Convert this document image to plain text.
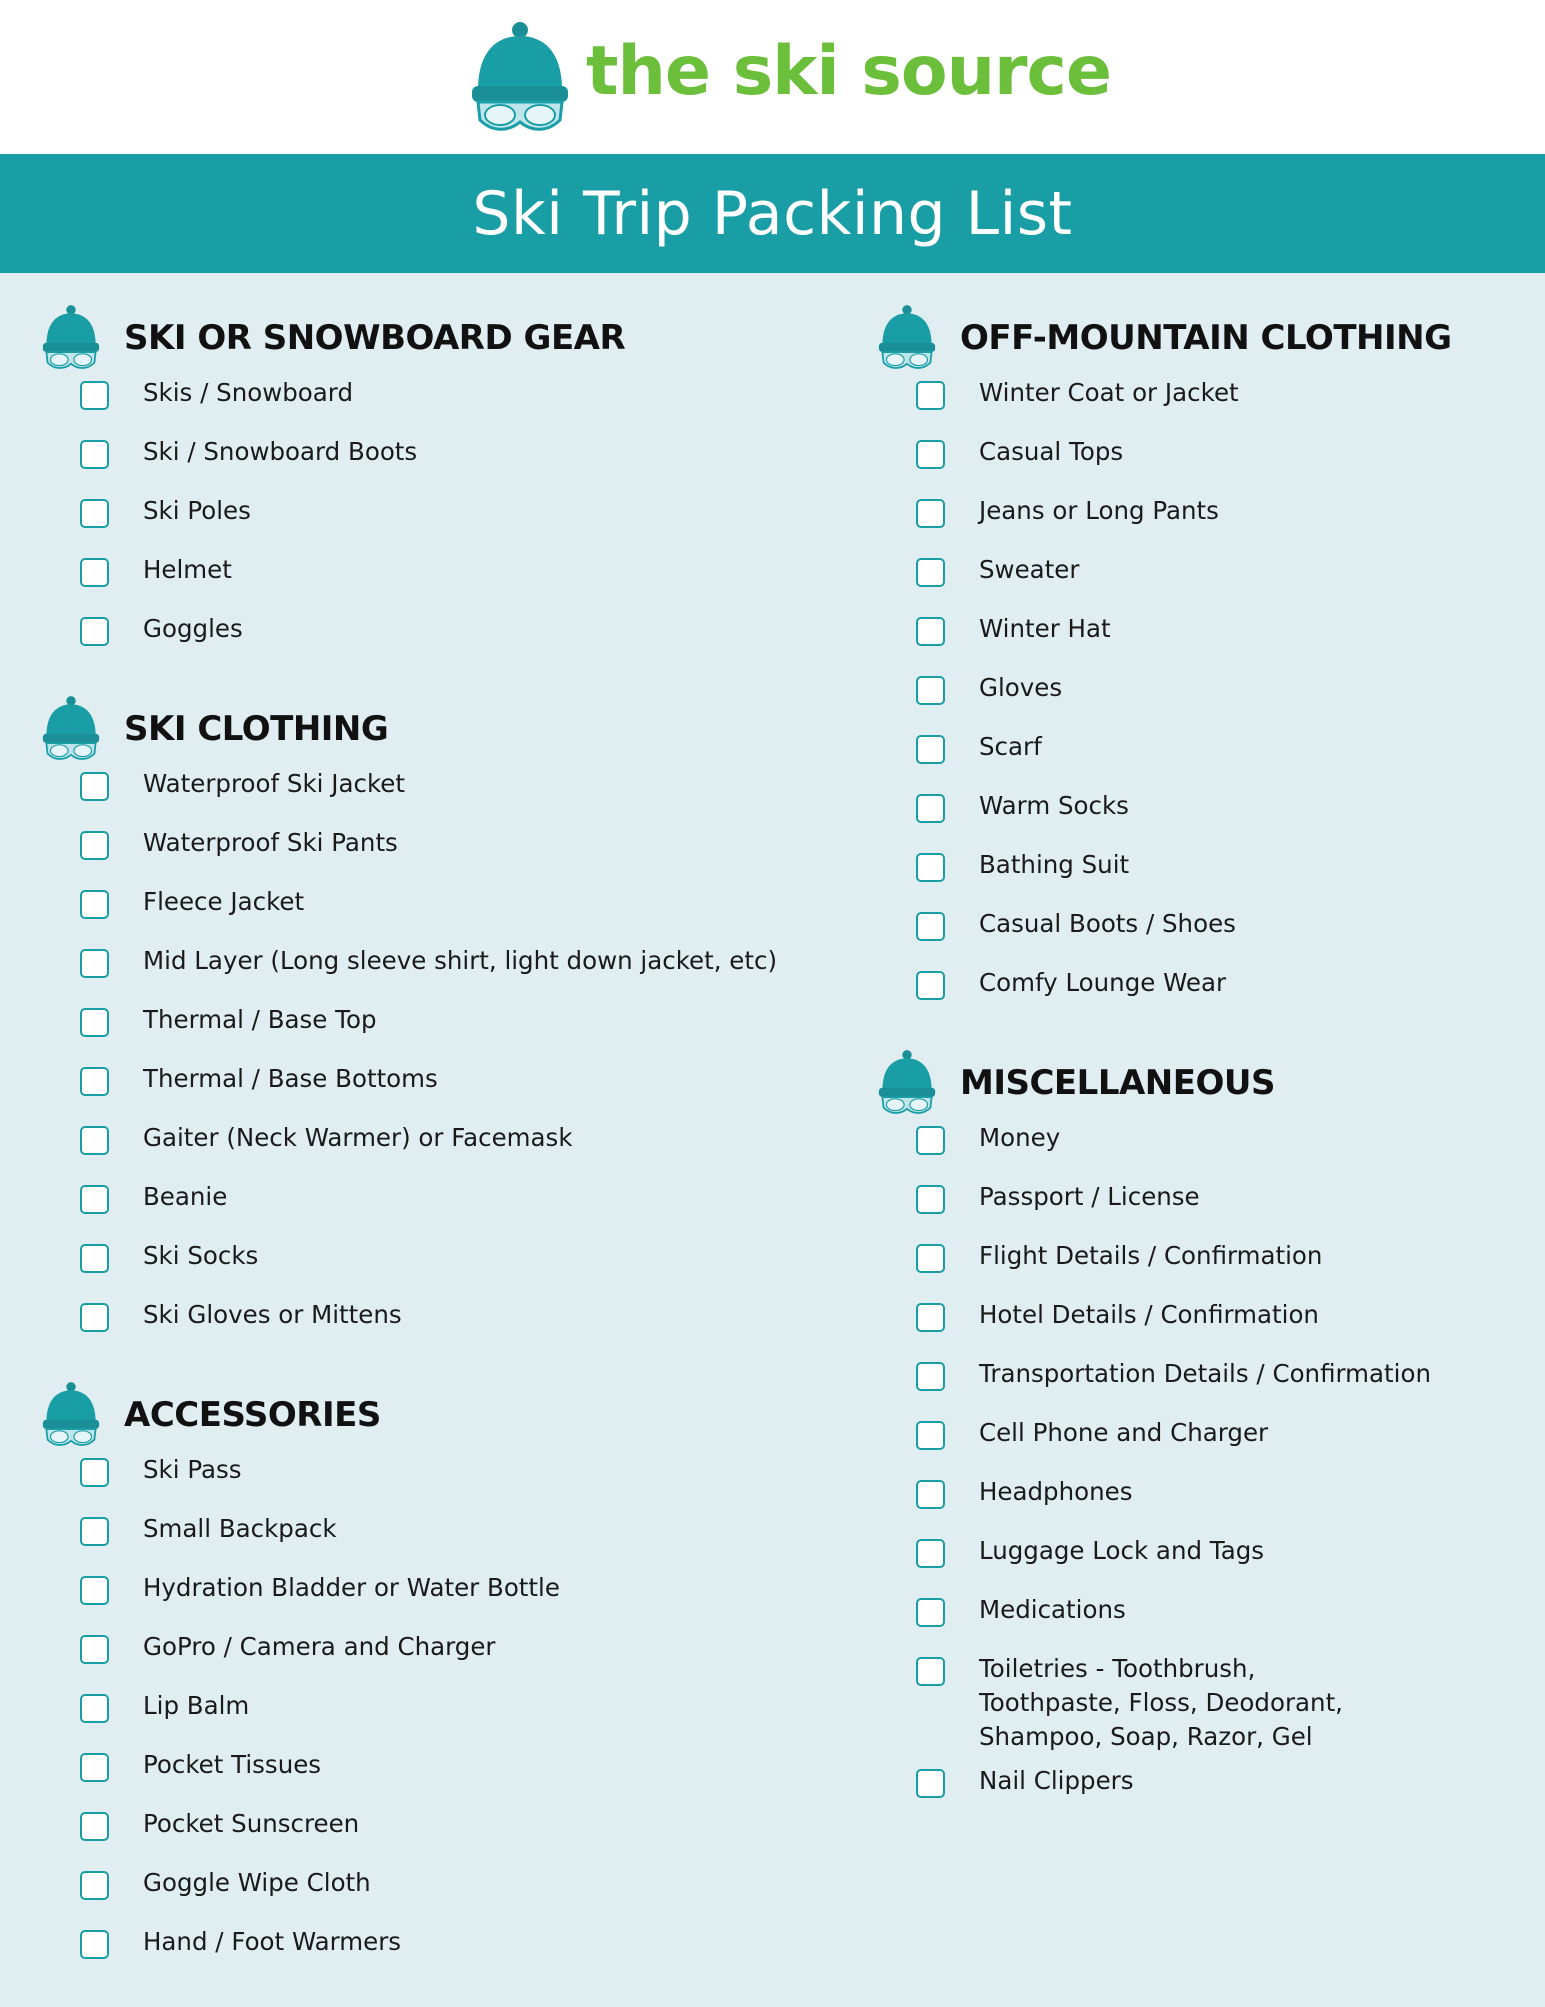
the ski source
Ski Trip Packing List
SKI OR SNOWBOARD GEAR
Skis / Snowboard
Ski / Snowboard Boots
Ski Poles
Helmet
Goggles
SKI CLOTHING
Waterproof Ski Jacket
Waterproof Ski Pants
Fleece Jacket
Mid Layer (Long sleeve shirt, light down jacket, etc)
Thermal / Base Top
Thermal / Base Bottoms
Gaiter (Neck Warmer) or Facemask
Beanie
Ski Socks
Ski Gloves or Mittens
ACCESSORIES
Ski Pass
Small Backpack
Hydration Bladder or Water Bottle
GoPro / Camera and Charger
Lip Balm
Pocket Tissues
Pocket Sunscreen
Goggle Wipe Cloth
Hand / Foot Warmers
OFF-MOUNTAIN CLOTHING
Winter Coat or Jacket
Casual Tops
Jeans or Long Pants
Sweater
Winter Hat
Gloves
Scarf
Warm Socks
Bathing Suit
Casual Boots / Shoes
Comfy Lounge Wear
MISCELLANEOUS
Money
Passport / License
Flight Details / Confirmation
Hotel Details / Confirmation
Transportation Details / Confirmation
Cell Phone and Charger
Headphones
Luggage Lock and Tags
Medications
Toiletries - Toothbrush, Toothpaste, Floss, Deodorant, Shampoo, Soap, Razor, Gel
Nail Clippers
